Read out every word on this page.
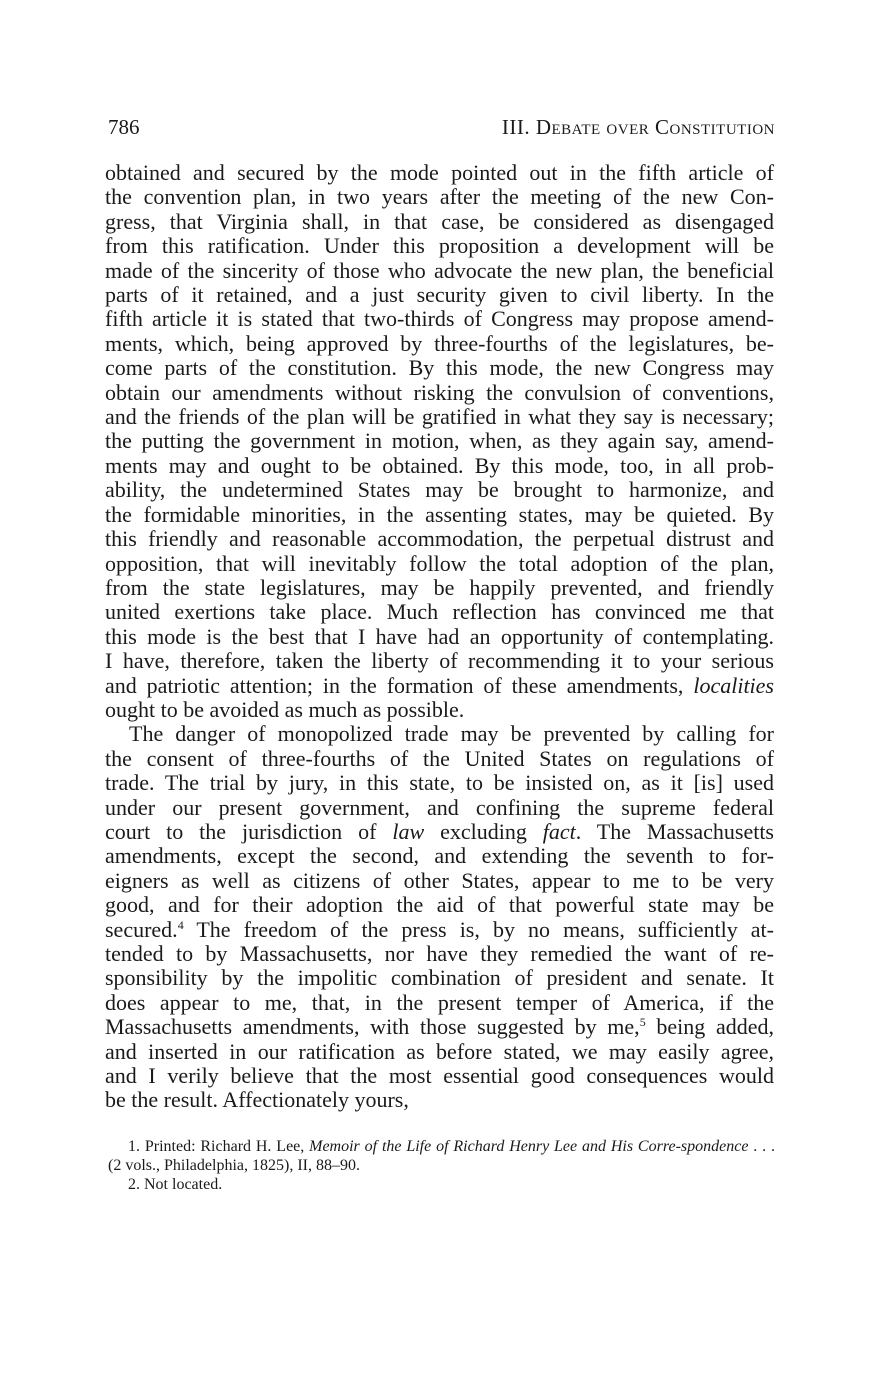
786	III. Debate over Constitution

obtained and secured by the mode pointed out in the fifth article of

the convention plan, in two years after the meeting of the new Con-

gress, that Virginia shall, in that case, be considered as disengaged

from this ratification. Under this proposition a development will be

made of the sincerity of those who advocate the new plan, the beneficial

parts of it retained, and a just security given to civil liberty. In the

fifth article it is stated that two-thirds of Congress may propose amend-

ments, which, being approved by three-fourths of the legislatures, be-

come parts of the constitution. By this mode, the new Congress may

obtain our amendments without risking the convulsion of conventions,

and the friends of the plan will be gratified in what they say is necessary;

the putting the government in motion, when, as they again say, amend-

ments may and ought to be obtained. By this mode, too, in all prob-

ability, the undetermined States may be brought to harmonize, and

the formidable minorities, in the assenting states, may be quieted. By

this friendly and reasonable accommodation, the perpetual distrust and

opposition, that will inevitably follow the total adoption of the plan,

from the state legislatures, may be happily prevented, and friendly

united exertions take place. Much reflection has convinced me that

this mode is the best that I have had an opportunity of contemplating.

I have, therefore, taken the liberty of recommending it to your serious

and patriotic attention; in the formation of these amendments, localities

ought to be avoided as much as possible.

The danger of monopolized trade may be prevented by calling for

the consent of three-fourths of the United States on regulations of

trade. The trial by jury, in this state, to be insisted on, as it [is] used

under our present government, and confining the supreme federal

court to the jurisdiction of law excluding fact. The Massachusetts

amendments, except the second, and extending the seventh to for-

eigners as well as citizens of other States, appear to me to be very

good, and for their adoption the aid of that powerful state may be

secured.$^4$ The freedom of the press is, by no means, sufficiently at-

tended to by Massachusetts, nor have they remedied the want of re-

sponsibility by the impolitic combination of president and senate. It

does appear to me, that, in the present temper of America, if the

Massachusetts amendments, with those suggested by me,$^5$ being added,

and inserted in our ratification as before stated, we may easily agree,

and I verily believe that the most essential good consequences would

be the result. Affectionately yours,

1. Printed: Richard H. Lee, Memoir of the Life of Richard Henry Lee and His Corre-spondence . . . (2 vols., Philadelphia, 1825), II, 88–90.

2. Not located.
